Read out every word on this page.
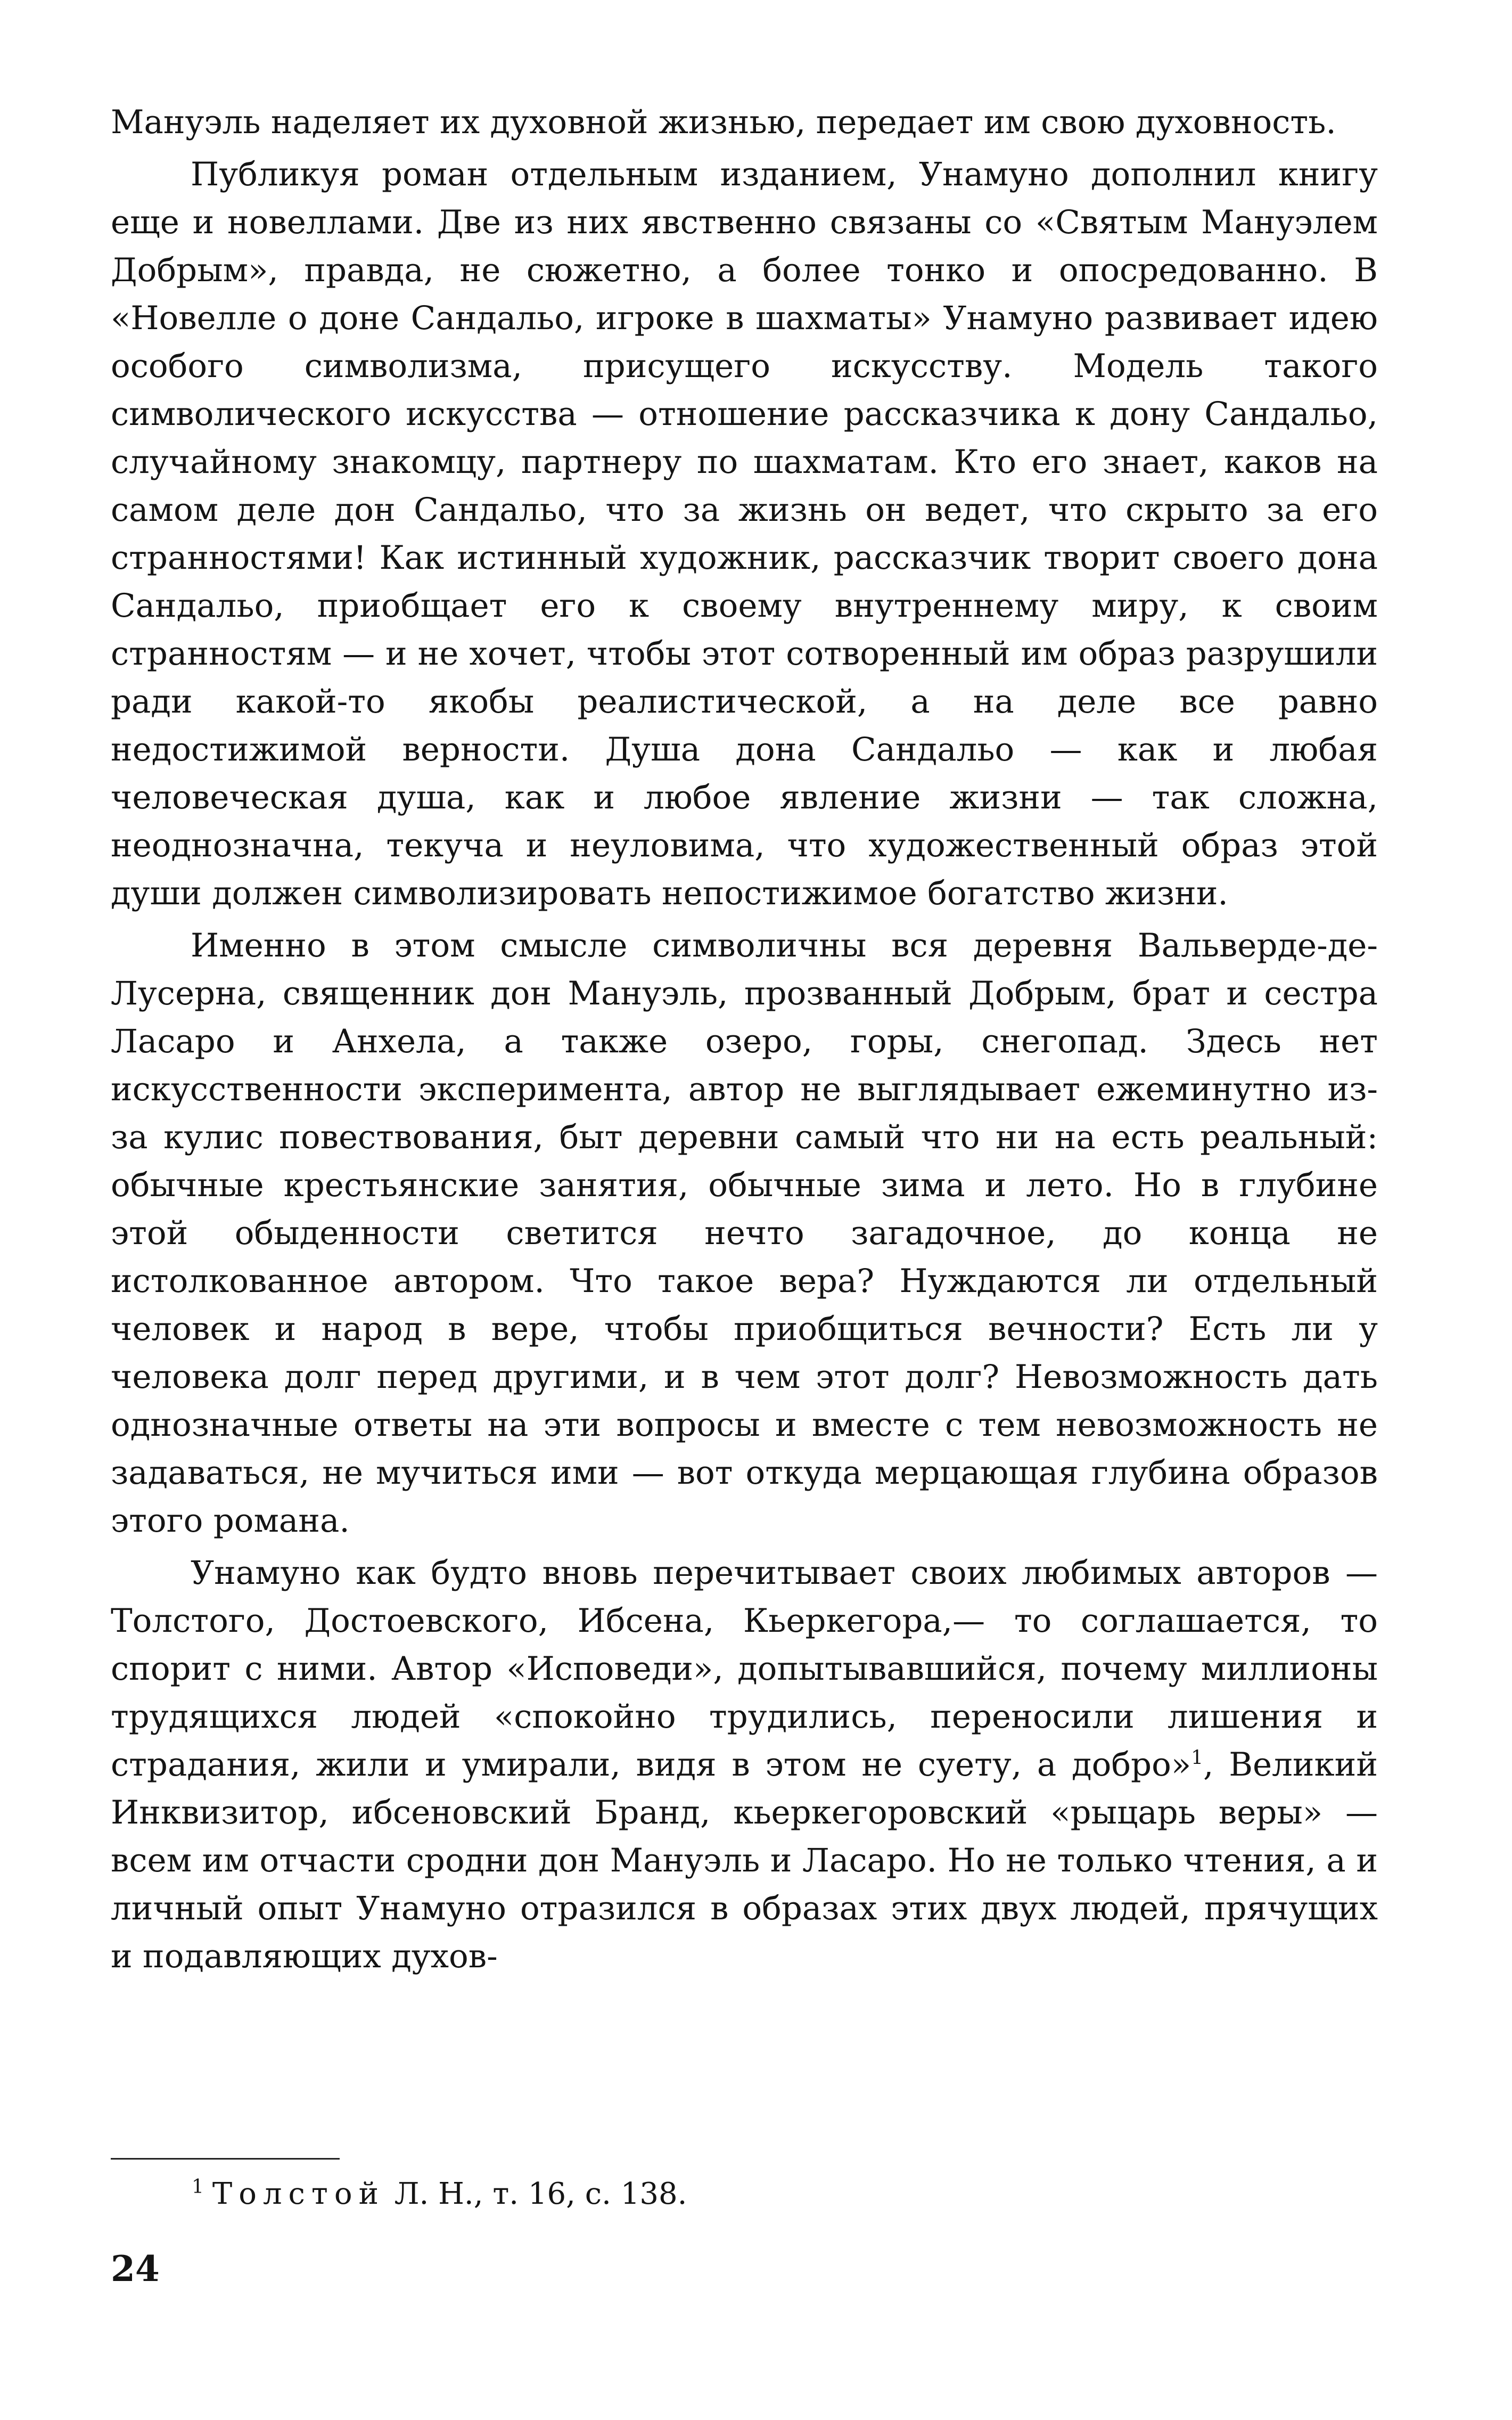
Мануэль наделяет их духовной жизнью, передает им свою духовность.

Публикуя роман отдельным изданием, Унамуно дополнил книгу еще и новеллами. Две из них явственно связаны со «Святым Мануэлем Добрым», правда, не сюжетно, а более тонко и опосредованно. В «Новелле о доне Сандальо, игроке в шахматы» Унамуно развивает идею особого символизма, присущего искусству. Модель такого символического искусства — отношение рассказчика к дону Сандальо, случайному знакомцу, партнеру по шахматам. Кто его знает, каков на самом деле дон Сандальо, что за жизнь он ведет, что скрыто за его странностями! Как истинный художник, рассказчик творит своего дона Сандальо, приобщает его к своему внутреннему миру, к своим странностям — и не хочет, чтобы этот сотворенный им образ разрушили ради какой-то якобы реалистической, а на деле все равно недостижимой верности. Душа дона Сандальо — как и любая человеческая душа, как и любое явление жизни — так сложна, неоднозначна, текуча и неуловима, что художественный образ этой души должен символизировать непостижимое богатство жизни.

Именно в этом смысле символичны вся деревня Вальверде-де-Лусерна, священник дон Мануэль, прозванный Добрым, брат и сестра Ласаро и Анхела, а также озеро, горы, снегопад. Здесь нет искусственности эксперимента, автор не выглядывает ежеминутно из-за кулис повествования, быт деревни самый что ни на есть реальный: обычные крестьянские занятия, обычные зима и лето. Но в глубине этой обыденности светится нечто загадочное, до конца не истолкованное автором. Что такое вера? Нуждаются ли отдельный человек и народ в вере, чтобы приобщиться вечности? Есть ли у человека долг перед другими, и в чем этот долг? Невозможность дать однозначные ответы на эти вопросы и вместе с тем невозможность не задаваться, не мучиться ими — вот откуда мерцающая глубина образов этого романа.

Унамуно как будто вновь перечитывает своих любимых авторов — Толстого, Достоевского, Ибсена, Кьеркегора,— то соглашается, то спорит с ними. Автор «Исповеди», допытывавшийся, почему миллионы трудящихся людей «спокойно трудились, переносили лишения и страдания, жили и умирали, видя в этом не суету, а добро»$^1$, Великий Инквизитор, ибсеновский Бранд, кьеркегоровский «рыцарь веры» — всем им отчасти сродни дон Мануэль и Ласаро. Но не только чтения, а и личный опыт Унамуно отразился в образах этих двух людей, прячущих и подавляющих духов-

$^1$ Толстой Л. Н., т. 16, с. 138.

24
